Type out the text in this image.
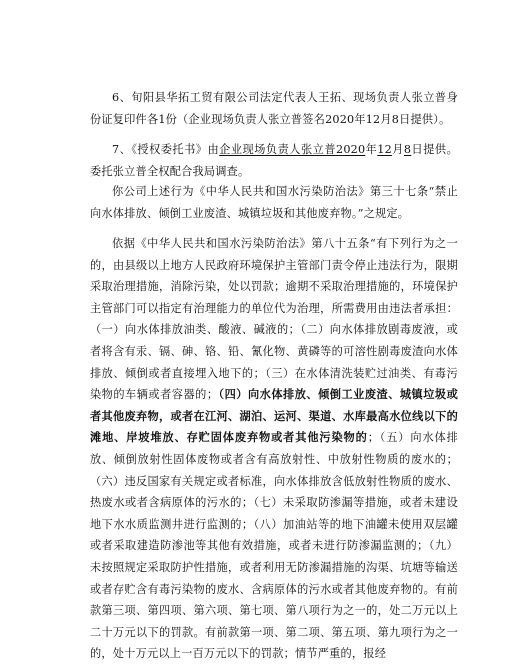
6、旬阳县华拓工贸有限公司法定代表人王拓、现场负责人张立普身份证复印件各1份（企业现场负责人张立普签名2020年12月8日提供）。

7、《授权委托书》由企业现场负责人张立普2020年12月8日提供。委托张立普全权配合我局调查。

你公司上述行为《中华人民共和国水污染防治法》第三十七条“禁止向水体排放、倾倒工业废渣、城镇垃圾和其他废弃物。”之规定。

依据《中华人民共和国水污染防治法》第八十五条“有下列行为之一的，由县级以上地方人民政府环境保护主管部门责令停止违法行为，限期采取治理措施，消除污染，处以罚款；逾期不采取治理措施的，环境保护主管部门可以指定有治理能力的单位代为治理，所需费用由违法者承担：（一）向水体排放油类、酸液、碱液的；（二）向水体排放剧毒废液，或者将含有汞、镉、砷、铬、铅、氰化物、黄磷等的可溶性剧毒废渣向水体排放、倾倒或者直接埋入地下的；（三）在水体清洗装贮过油类、有毒污染物的车辆或者容器的；（四）向水体排放、倾倒工业废渣、城镇垃圾或者其他废弃物，或者在江河、湖泊、运河、渠道、水库最高水位线以下的滩地、岸坡堆放、存贮固体废弃物或者其他污染物的；（五）向水体排放、倾倒放射性固体废物或者含有高放射性、中放射性物质的废水的；（六）违反国家有关规定或者标准，向水体排放含低放射性物质的废水、热废水或者含病原体的污水的；（七）未采取防渗漏等措施，或者未建设地下水水质监测井进行监测的；（八）加油站等的地下油罐未使用双层罐或者采取建造防渗池等其他有效措施，或者未进行防渗漏监测的；（九）未按照规定采取防护性措施，或者利用无防渗漏措施的沟渠、坑塘等输送或者存贮含有毒污染物的废水、含病原体的污水或者其他废弃物的。有前款第三项、第四项、第六项、第七项、第八项行为之一的，处二万元以上二十万元以下的罚款。有前款第一项、第二项、第五项、第九项行为之一的，处十万元以上一百万元以下的罚款；情节严重的，报经
